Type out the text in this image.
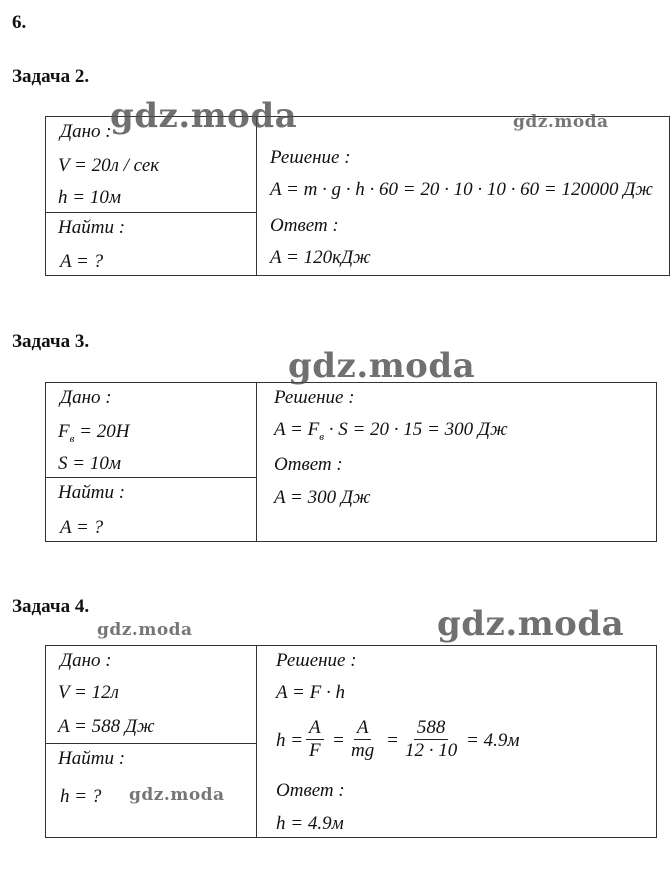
6.
Задача 2.
Дано :
V = 20л / сек
h = 10м
Найти :
A = ?
Решение :
A = m · g · h · 60 = 20 · 10 · 10 · 60 = 120000 Дж
Ответ :
A = 120кДж
gdz.moda	gdz.moda
Задача 3.
Дано :
$F_в = 20H$
S = 10м
Найти :
A = ?
Решение :
$A = F_в \cdot S = 20 \cdot 15 = 300$ Дж
Ответ :
A = 300 Дж
gdz.moda
Задача 4.
gdz.moda	gdz.moda
Дано :
V = 12л
A = 588 Дж
Найти :
h = ?
Решение :
A = F · h
$h = \frac{A}{F} = \frac{A}{mg} = \frac{588}{12 \cdot 10} = 4.9м$
Ответ :
h = 4.9м
gdz.moda
